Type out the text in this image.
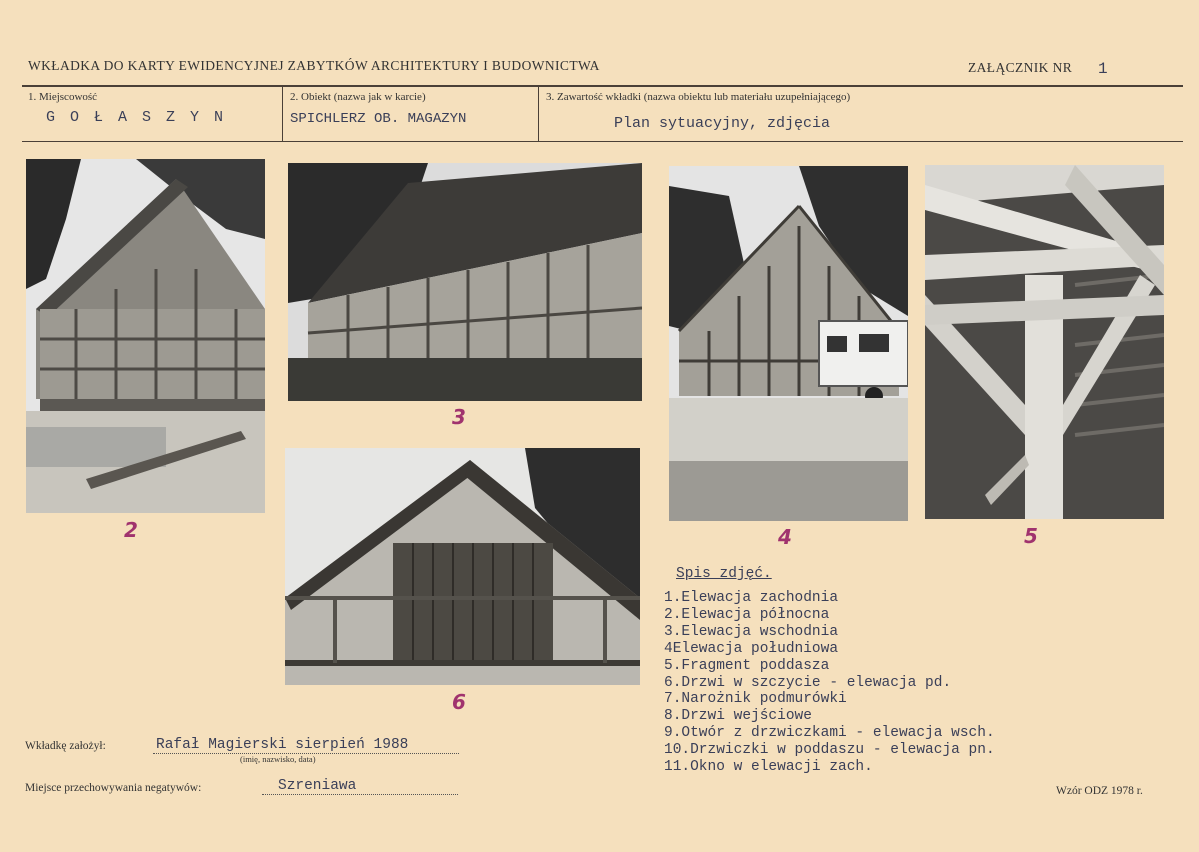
WKŁADKA DO KARTY EWIDENCYJNEJ ZABYTKÓW ARCHITEKTURY I BUDOWNICTWA	ZAŁĄCZNIK NR 1
1. Miejscowość
G O Ł A S Z Y N
2. Obiekt (nazwa jak w karcie)
SPICHLERZ OB. MAGAZYN
3. Zawartość wkładki (nazwa obiektu lub materiału uzupełniającego)
Plan sytuacyjny, zdjęcia
2
3
4	5
6
Spis zdjęć.
1.Elewacja zachodnia
2.Elewacja północna
3.Elewacja wschodnia
4Elewacja południowa
5.Fragment poddasza
6.Drzwi w szczycie - elewacja pd.
7.Narożnik podmurówki
8.Drzwi wejściowe
9.Otwór z drzwiczkami - elewacja wsch.
10.Drzwiczki w poddaszu - elewacja pn.
11.Okno w elewacji zach.
Wkładkę założył:	Rafał Magierski sierpień 1988
(imię, nazwisko, data)
Miejsce przechowywania negatywów:	Szreniawa	Wzór ODZ 1978 r.
